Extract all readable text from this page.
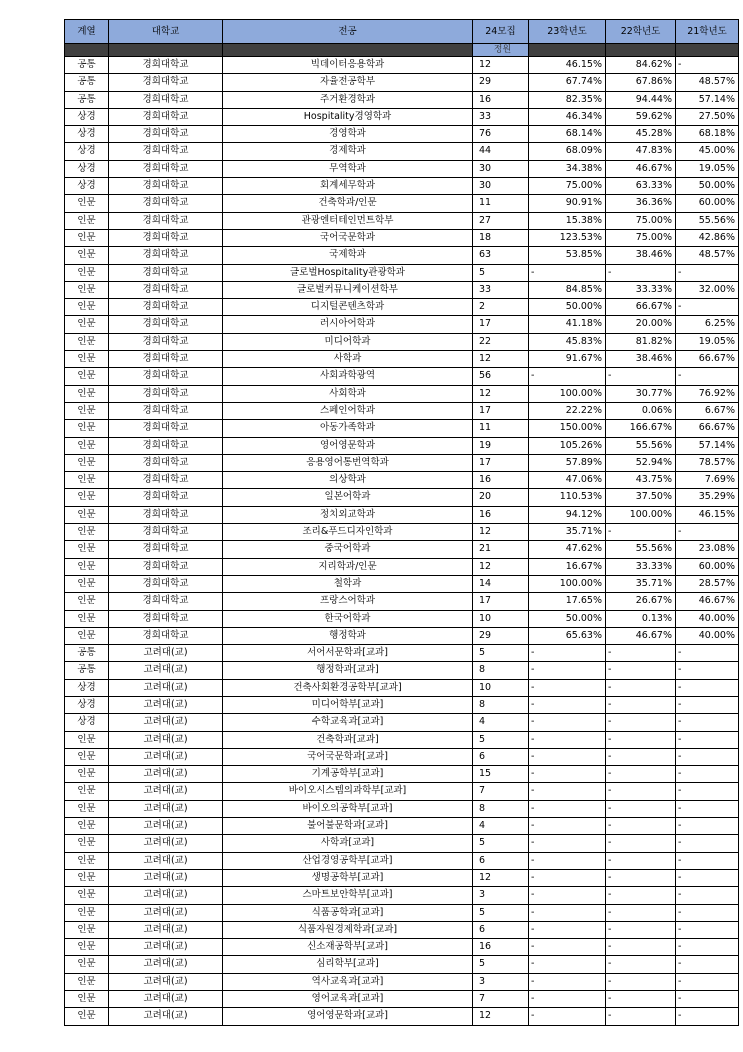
계열	대학교	전공	24모집	23학년도	22학년도	21학년도
			정원			
공통	경희대학교	빅데이터응용학과	12	46.15%	84.62%	-
공통	경희대학교	자율전공학부	29	67.74%	67.86%	48.57%
공통	경희대학교	주거환경학과	16	82.35%	94.44%	57.14%
상경	경희대학교	Hospitality경영학과	33	46.34%	59.62%	27.50%
상경	경희대학교	경영학과	76	68.14%	45.28%	68.18%
상경	경희대학교	경제학과	44	68.09%	47.83%	45.00%
상경	경희대학교	무역학과	30	34.38%	46.67%	19.05%
상경	경희대학교	회계세무학과	30	75.00%	63.33%	50.00%
인문	경희대학교	건축학과/인문	11	90.91%	36.36%	60.00%
인문	경희대학교	관광엔터테인먼트학부	27	15.38%	75.00%	55.56%
인문	경희대학교	국어국문학과	18	123.53%	75.00%	42.86%
인문	경희대학교	국제학과	63	53.85%	38.46%	48.57%
인문	경희대학교	글로벌Hospitality관광학과	5	-	-	-
인문	경희대학교	글로벌커뮤니케이션학부	33	84.85%	33.33%	32.00%
인문	경희대학교	디지털콘텐츠학과	2	50.00%	66.67%	-
인문	경희대학교	러시아어학과	17	41.18%	20.00%	6.25%
인문	경희대학교	미디어학과	22	45.83%	81.82%	19.05%
인문	경희대학교	사학과	12	91.67%	38.46%	66.67%
인문	경희대학교	사회과학광역	56	-	-	-
인문	경희대학교	사회학과	12	100.00%	30.77%	76.92%
인문	경희대학교	스페인어학과	17	22.22%	0.06%	6.67%
인문	경희대학교	아동가족학과	11	150.00%	166.67%	66.67%
인문	경희대학교	영어영문학과	19	105.26%	55.56%	57.14%
인문	경희대학교	응용영어통번역학과	17	57.89%	52.94%	78.57%
인문	경희대학교	의상학과	16	47.06%	43.75%	7.69%
인문	경희대학교	일본어학과	20	110.53%	37.50%	35.29%
인문	경희대학교	정치외교학과	16	94.12%	100.00%	46.15%
인문	경희대학교	조리&푸드디자인학과	12	35.71%	-	-
인문	경희대학교	중국어학과	21	47.62%	55.56%	23.08%
인문	경희대학교	지리학과/인문	12	16.67%	33.33%	60.00%
인문	경희대학교	철학과	14	100.00%	35.71%	28.57%
인문	경희대학교	프랑스어학과	17	17.65%	26.67%	46.67%
인문	경희대학교	한국어학과	10	50.00%	0.13%	40.00%
인문	경희대학교	행정학과	29	65.63%	46.67%	40.00%
공통	고려대(교)	서어서문학과[교과]	5	-	-	-
공통	고려대(교)	행정학과[교과]	8	-	-	-
상경	고려대(교)	건축사회환경공학부[교과]	10	-	-	-
상경	고려대(교)	미디어학부[교과]	8	-	-	-
상경	고려대(교)	수학교육과[교과]	4	-	-	-
인문	고려대(교)	건축학과[교과]	5	-	-	-
인문	고려대(교)	국어국문학과[교과]	6	-	-	-
인문	고려대(교)	기계공학부[교과]	15	-	-	-
인문	고려대(교)	바이오시스템의과학부[교과]	7	-	-	-
인문	고려대(교)	바이오의공학부[교과]	8	-	-	-
인문	고려대(교)	불어불문학과[교과]	4	-	-	-
인문	고려대(교)	사학과[교과]	5	-	-	-
인문	고려대(교)	산업경영공학부[교과]	6	-	-	-
인문	고려대(교)	생명공학부[교과]	12	-	-	-
인문	고려대(교)	스마트보안학부[교과]	3	-	-	-
인문	고려대(교)	식품공학과[교과]	5	-	-	-
인문	고려대(교)	식품자원경제학과[교과]	6	-	-	-
인문	고려대(교)	신소재공학부[교과]	16	-	-	-
인문	고려대(교)	심리학부[교과]	5	-	-	-
인문	고려대(교)	역사교육과[교과]	3	-	-	-
인문	고려대(교)	영어교육과[교과]	7	-	-	-
인문	고려대(교)	영어영문학과[교과]	12	-	-	-
